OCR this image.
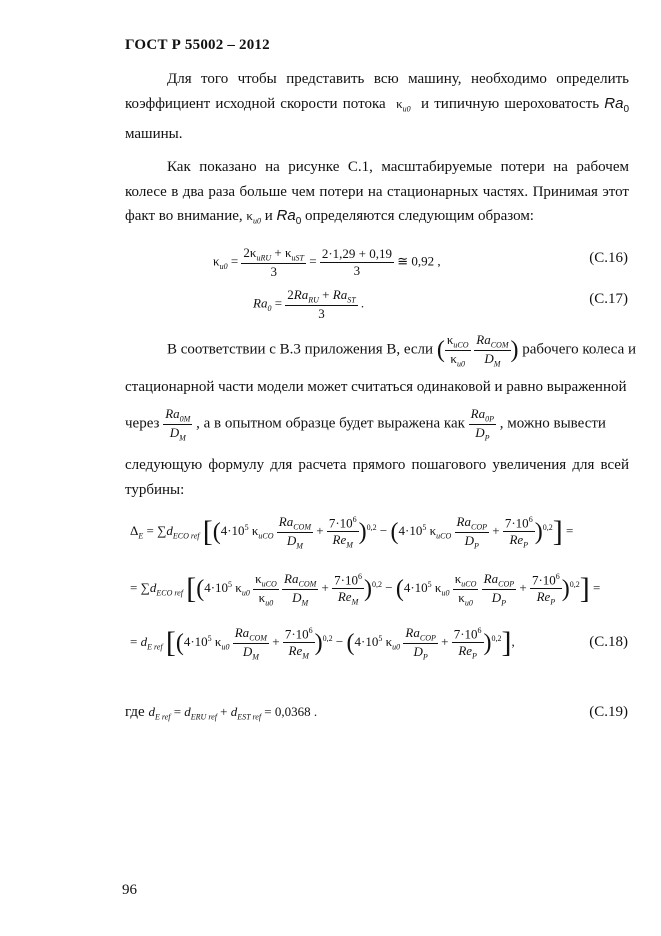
ГОСТ Р 55002 – 2012

Для того чтобы представить всю машину, необходимо определить коэффициент исходной скорости потока $\kappa_{u0}$ и типичную шероховатость $Ra_0$ машины.

Как показано на рисунке С.1, масштабируемые потери на рабочем колесе в два раза больше чем потери на стационарных частях. Принимая этот факт во внимание, $\kappa_{u0}$ и $Ra_0$ определяются следующим образом:

$\kappa_{u0} = \frac{2\kappa_{uRU} + \kappa_{uST}}{3} = \frac{2\cdot 1,29 + 0,19}{3}$ ≅ 0,92 ,	(С.16)
$Ra_0 = \frac{2Ra_{RU} + Ra_{ST}}{3}$ .	(С.17)
В соответствии с В.3 приложения В, если ( $\frac{\kappa_{uCO}}{\kappa_{u0}}$
$\frac{Ra_{COM}}{D_M}$ ) рабочего колеса и

стационарной части модели может считаться одинаковой и равно выраженной

через $\frac{Ra_{0M}}{D_M}$ , а в опытном образце будет выражена как $\frac{Ra_{0P}}{D_P}$ , можно вывести

следующую формулу для расчета прямого пошагового увеличения для всей турбины:

$\Delta_E = \sum d_{ECO ref}$ [($4\cdot 10^5$ $\kappa_{uCO} \frac{Ra_{COM}}{D_M} + \frac{7\cdot 10^6}{Re_M} )^{0,2} - (4\cdot 10^5$ $\kappa_{uCO} \frac{Ra_{COP}}{D_P} + \frac{7\cdot 10^6}{Re_P} )^{0,2}$] =
= $\sum d_{ECO ref}$ [($4\cdot 10^5$ $\kappa_{u0} \frac{\kappa_{uCO}}{\kappa_{u0}}$
$\frac{Ra_{COM}}{D_M} + \frac{7\cdot 10^6}{Re_M} )^{0,2} - (4\cdot 10^5$ $\kappa_{u0} \frac{\kappa_{uCO}}{\kappa_{u0}}$
$\frac{Ra_{COP}}{D_P} + \frac{7\cdot 10^6}{Re_P} )^{0,2}$] =
= $d_{E ref}$ [($4\cdot 10^5$ $\kappa_{u0} \frac{Ra_{COM}}{D_M} + \frac{7\cdot 10^6}{Re_M} )^{0,2} - (4\cdot 10^5$ $\kappa_{u0} \frac{Ra_{COP}}{D_P} + \frac{7\cdot 10^6}{Re_P} )^{0,2}$],	(С.18)
где $d_{E ref} = d_{ERU ref} + d_{EST ref} = 0,0368$ .	(С.19)
96
